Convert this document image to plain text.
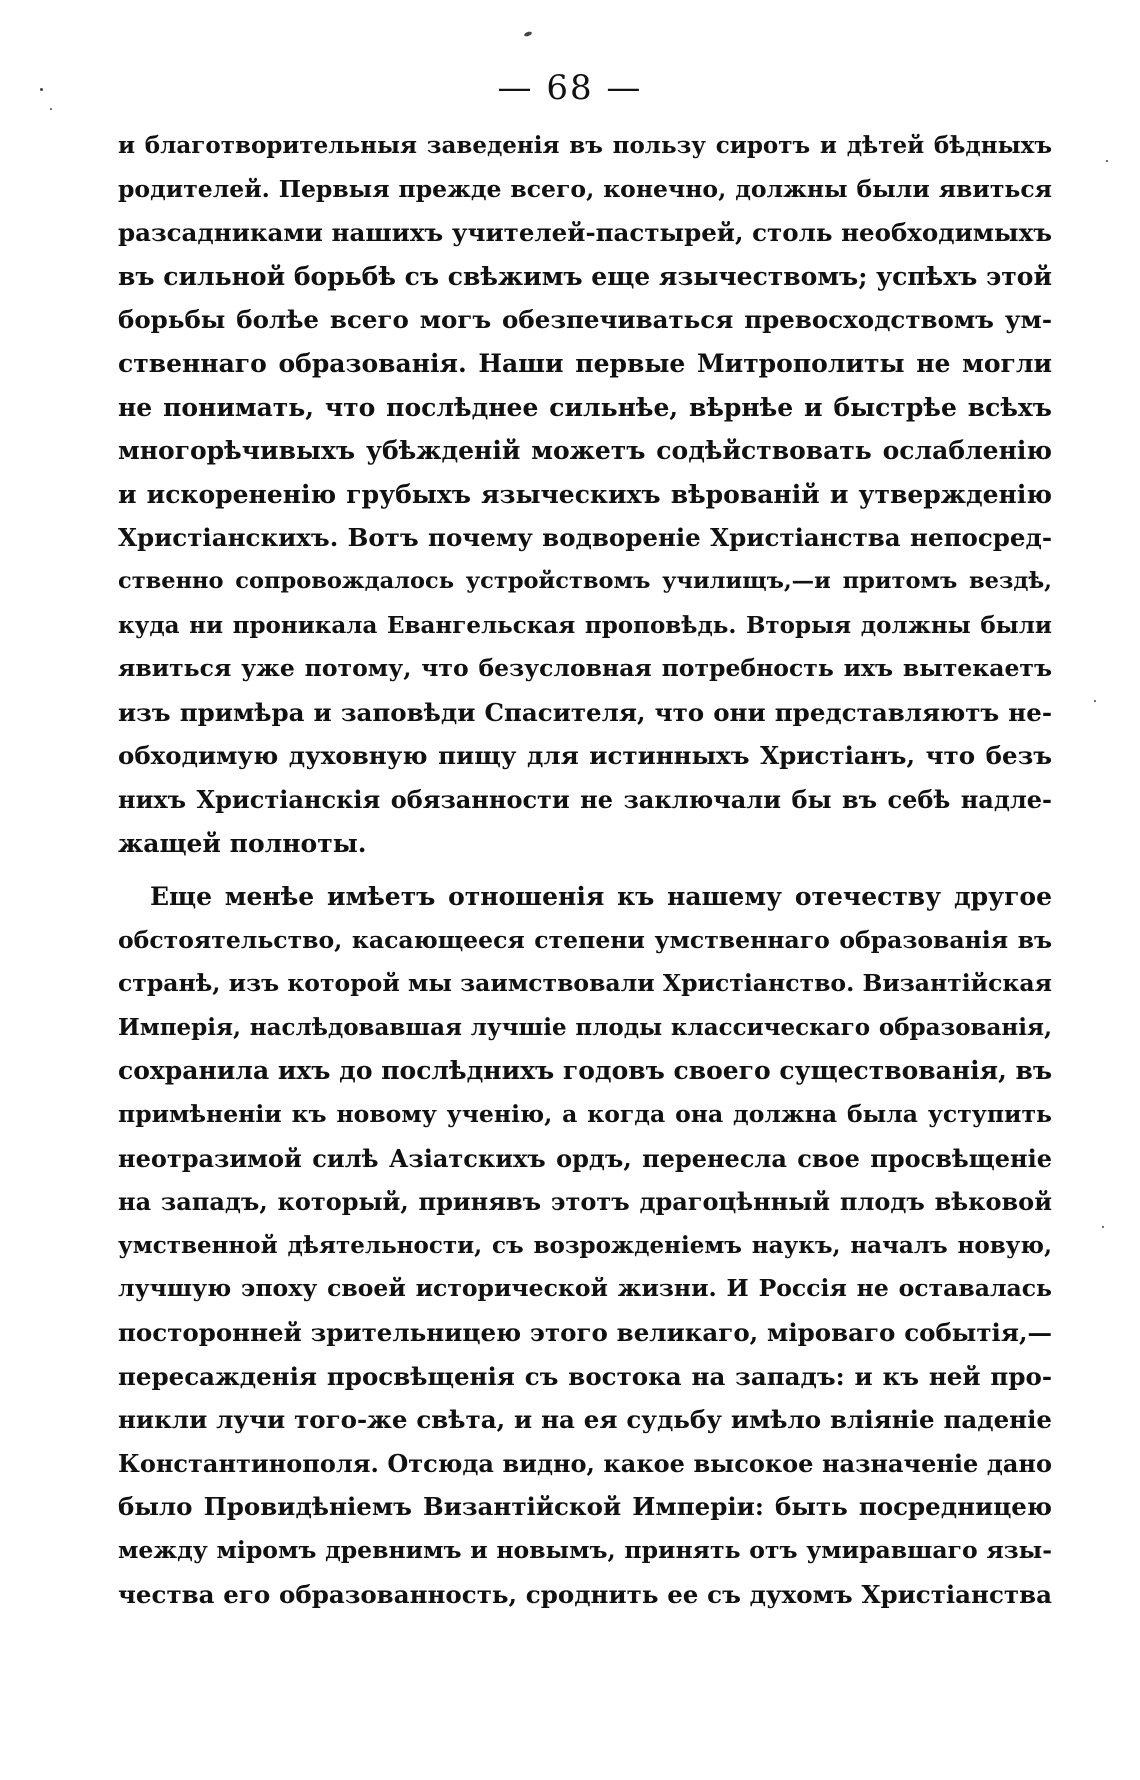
— 68 —
и благотворительныя заведенія въ пользу сиротъ и дѣтей бѣдныхъ
родителей. Первыя прежде всего, конечно, должны были явиться
разсадниками нашихъ учителей-пастырей, столь необходимыхъ
въ сильной борьбѣ съ свѣжимъ еще язычествомъ; успѣхъ этой
борьбы болѣе всего могъ обезпечиваться превосходствомъ ум-
ственнаго образованія. Наши первые Митрополиты не могли
не понимать, что послѣднее сильнѣе, вѣрнѣе и быстрѣе всѣхъ
многорѣчивыхъ убѣжденій можетъ содѣйствовать ослабленію
и искорененію грубыхъ языческихъ вѣрованій и утвержденію
Христіанскихъ. Вотъ почему водвореніе Христіанства непосред-
ственно сопровождалось устройствомъ училищъ,—и притомъ вездѣ,
куда ни проникала Евангельская проповѣдь. Вторыя должны были
явиться уже потому, что безусловная потребность ихъ вытекаетъ
изъ примѣра и заповѣди Спасителя, что они представляютъ не-
обходимую духовную пищу для истинныхъ Христіанъ, что безъ
нихъ Христіанскія обязанности не заключали бы въ себѣ надле-
жащей полноты.
Еще менѣе имѣетъ отношенія къ нашему отечеству другое
обстоятельство, касающееся степени умственнаго образованія въ
странѣ, изъ которой мы заимствовали Христіанство. Византійская
Имперія, наслѣдовавшая лучшіе плоды классическаго образованія,
сохранила ихъ до послѣднихъ годовъ своего существованія, въ
примѣненіи къ новому ученію, а когда она должна была уступить
неотразимой силѣ Азіатскихъ ордъ, перенесла свое просвѣщеніе
на западъ, который, принявъ этотъ драгоцѣнный плодъ вѣковой
умственной дѣятельности, съ возрожденіемъ наукъ, началъ новую,
лучшую эпоху своей исторической жизни. И Россія не оставалась
посторонней зрительницею этого великаго, міроваго событія,—
пересажденія просвѣщенія съ востока на западъ: и къ ней про-
никли лучи того-же свѣта, и на ея судьбу имѣло вліяніе паденіе
Константинополя. Отсюда видно, какое высокое назначеніе дано
было Провидѣніемъ Византійской Имперіи: быть посредницею
между міромъ древнимъ и новымъ, принять отъ умиравшаго язы-
чества его образованность, сроднить ее съ духомъ Христіанства
